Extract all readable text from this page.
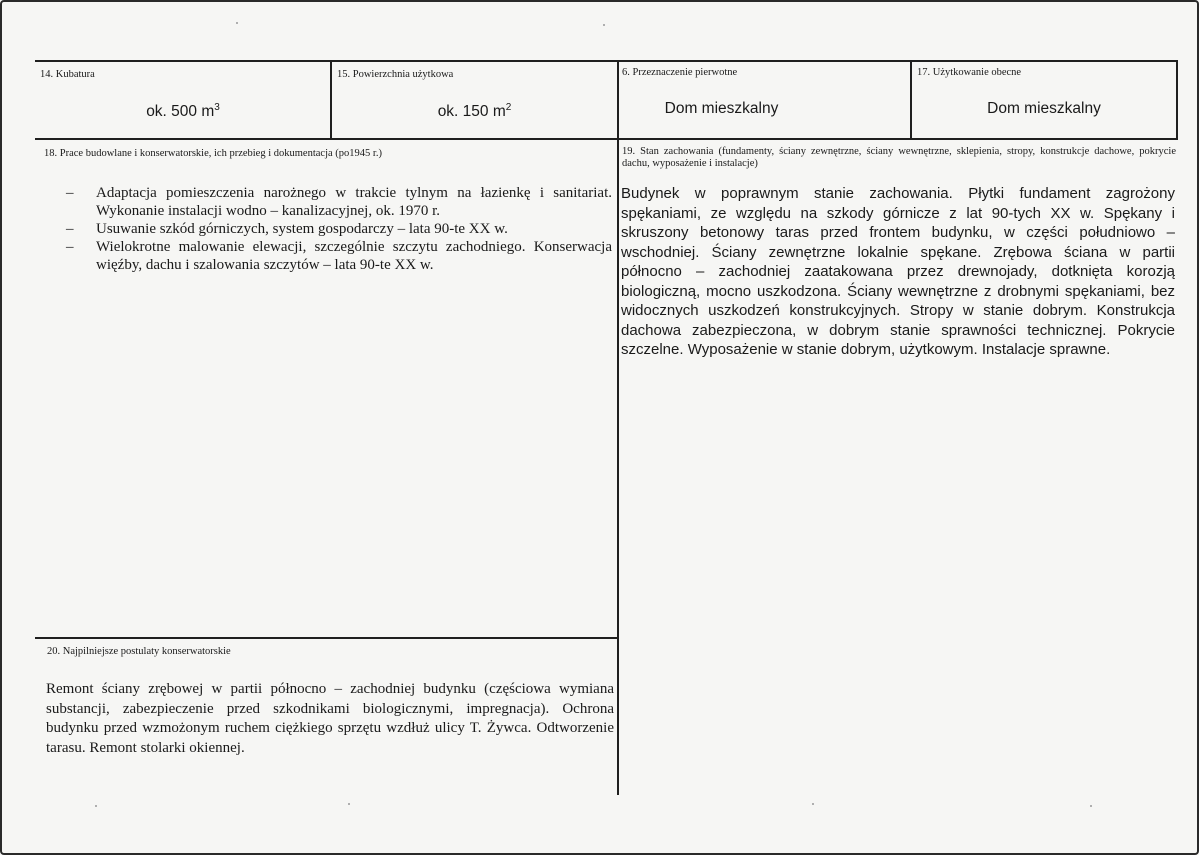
14. Kubatura
ok. 500 $m^3$
15. Powierzchnia użytkowa
ok. 150 $m^2$
6. Przeznaczenie pierwotne
Dom mieszkalny
17. Użytkowanie obecne
Dom mieszkalny
18. Prace budowlane i konserwatorskie, ich przebieg i dokumentacja (po1945 r.)
– Adaptacja pomieszczenia narożnego w trakcie tylnym na łazienkę i sanitariat. Wykonanie instalacji wodno – kanalizacyjnej, ok. 1970 r.
– Usuwanie szkód górniczych, system gospodarczy – lata 90-te XX w.
– Wielokrotne malowanie elewacji, szczególnie szczytu zachodniego. Konserwacja więźby, dachu i szalowania szczytów – lata 90-te XX w.
19. Stan zachowania (fundamenty, ściany zewnętrzne, ściany wewnętrzne, sklepienia, stropy, konstrukcje dachowe, pokrycie dachu, wyposażenie i instalacje)

Budynek w poprawnym stanie zachowania. Płytki fundament zagrożony spękaniami, ze względu na szkody górnicze z lat 90-tych XX w. Spękany i skruszony betonowy taras przed frontem budynku, w części południowo – wschodniej. Ściany zewnętrzne lokalnie spękane. Zrębowa ściana w partii północno – zachodniej zaatakowana przez drewnojady, dotknięta korozją biologiczną, mocno uszkodzona. Ściany wewnętrzne z drobnymi spękaniami, bez widocznych uszkodzeń konstrukcyjnych. Stropy w stanie dobrym. Konstrukcja dachowa zabezpieczona, w dobrym stanie sprawności technicznej. Pokrycie szczelne. Wyposażenie w stanie dobrym, użytkowym. Instalacje sprawne.

20. Najpilniejsze postulaty konserwatorskie

Remont ściany zrębowej w partii północno – zachodniej budynku (częściowa wymiana substancji, zabezpieczenie przed szkodnikami biologicznymi, impregnacja). Ochrona budynku przed wzmożonym ruchem ciężkiego sprzętu wzdłuż ulicy T. Żywca. Odtworzenie tarasu. Remont stolarki okiennej.
